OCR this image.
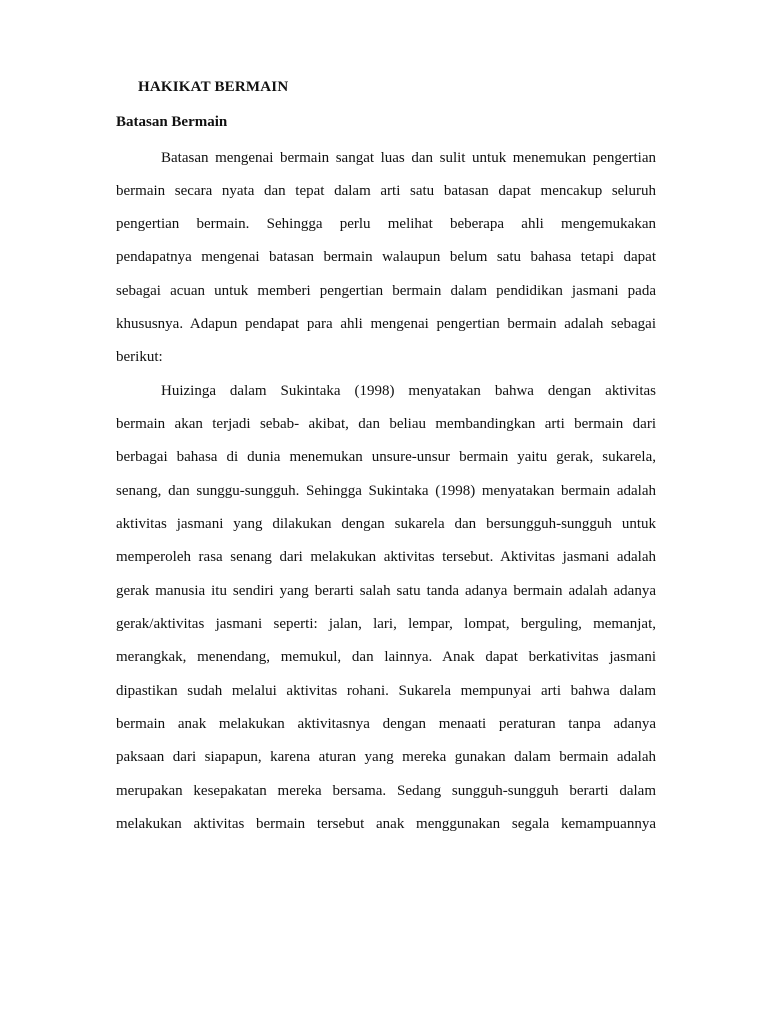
HAKIKAT BERMAIN
Batasan Bermain
Batasan mengenai bermain sangat luas dan sulit untuk menemukan pengertian
bermain secara nyata dan tepat dalam arti satu batasan dapat mencakup seluruh
pengertian bermain. Sehingga perlu melihat beberapa ahli mengemukakan
pendapatnya mengenai batasan bermain walaupun belum satu bahasa tetapi dapat
sebagai acuan untuk memberi pengertian bermain dalam pendidikan jasmani pada
khususnya. Adapun pendapat para ahli mengenai pengertian bermain adalah sebagai
berikut:
Huizinga dalam Sukintaka (1998) menyatakan bahwa dengan aktivitas
bermain akan terjadi sebab- akibat, dan beliau membandingkan arti bermain dari
berbagai bahasa di dunia menemukan unsure-unsur bermain yaitu gerak, sukarela,
senang, dan sunggu-sungguh. Sehingga Sukintaka (1998) menyatakan bermain adalah
aktivitas jasmani yang dilakukan dengan sukarela dan bersungguh-sungguh untuk
memperoleh rasa senang dari melakukan aktivitas tersebut. Aktivitas jasmani adalah
gerak manusia itu sendiri yang berarti salah satu tanda adanya bermain adalah adanya
gerak/aktivitas jasmani seperti: jalan, lari, lempar, lompat, berguling, memanjat,
merangkak, menendang, memukul, dan lainnya. Anak dapat berkativitas jasmani
dipastikan sudah melalui aktivitas rohani. Sukarela mempunyai arti bahwa dalam
bermain anak melakukan aktivitasnya dengan menaati peraturan tanpa adanya
paksaan dari siapapun, karena aturan yang mereka gunakan dalam bermain adalah
merupakan kesepakatan mereka bersama. Sedang sungguh-sungguh berarti dalam
melakukan aktivitas bermain tersebut anak menggunakan segala kemampuannya
